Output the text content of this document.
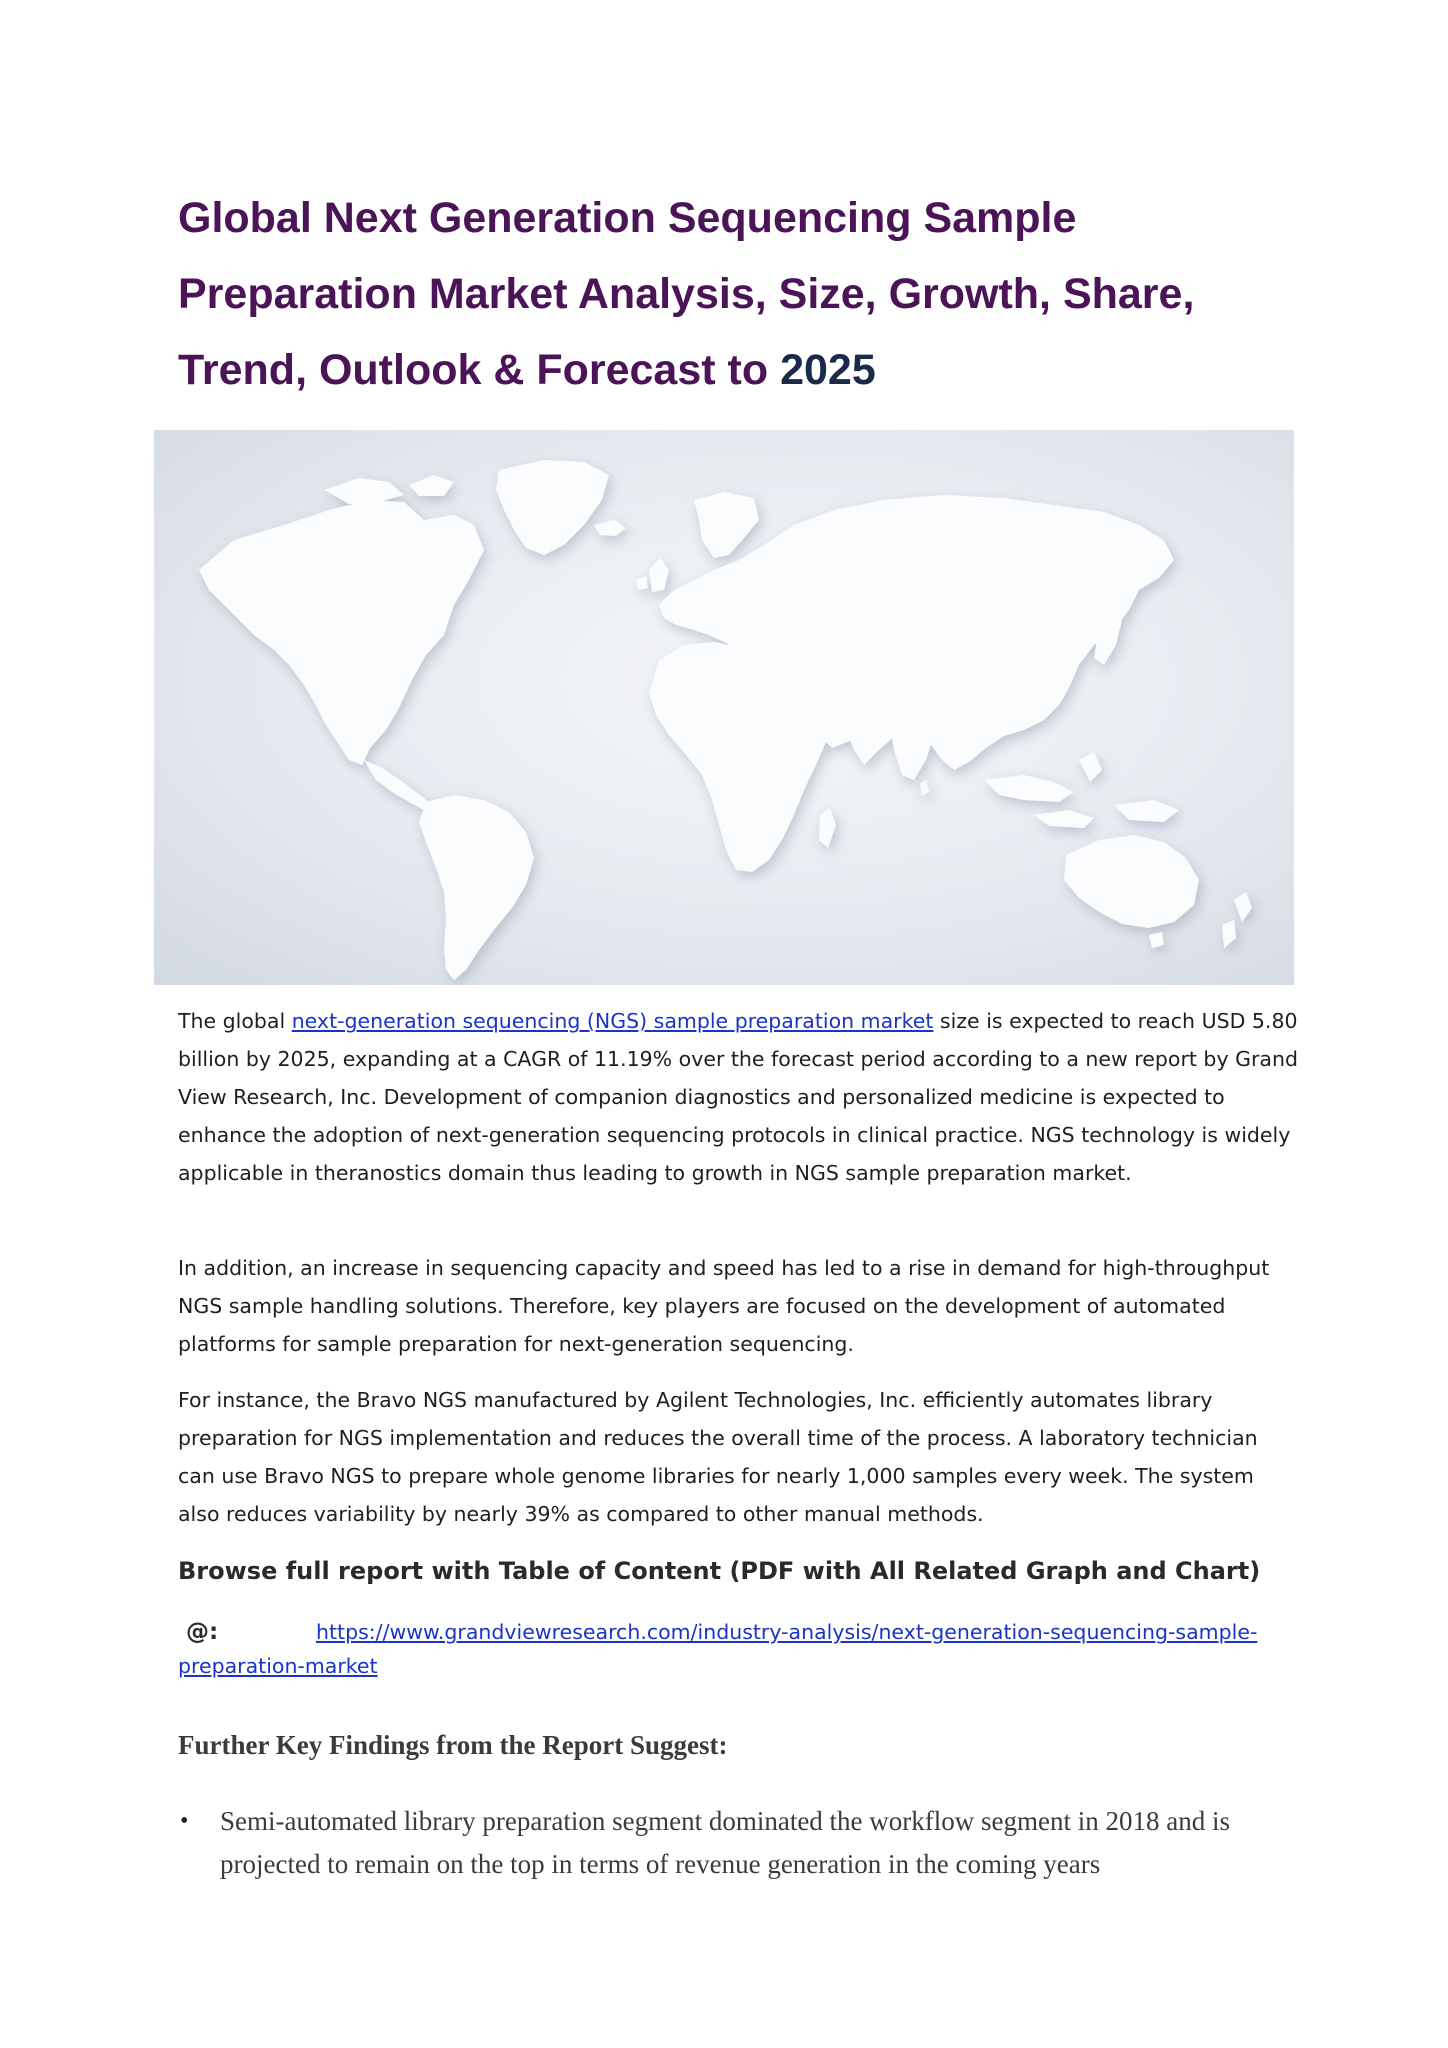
Global Next Generation Sequencing Sample Preparation Market Analysis, Size, Growth, Share, Trend, Outlook & Forecast to 2025

The global next-generation sequencing (NGS) sample preparation market size is expected to reach USD 5.80 billion by 2025, expanding at a CAGR of 11.19% over the forecast period according to a new report by Grand View Research, Inc. Development of companion diagnostics and personalized medicine is expected to enhance the adoption of next-generation sequencing protocols in clinical practice. NGS technology is widely applicable in theranostics domain thus leading to growth in NGS sample preparation market.

In addition, an increase in sequencing capacity and speed has led to a rise in demand for high-throughput NGS sample handling solutions. Therefore, key players are focused on the development of automated platforms for sample preparation for next-generation sequencing.

For instance, the Bravo NGS manufactured by Agilent Technologies, Inc. efficiently automates library preparation for NGS implementation and reduces the overall time of the process. A laboratory technician can use Bravo NGS to prepare whole genome libraries for nearly 1,000 samples every week. The system also reduces variability by nearly 39% as compared to other manual methods.

Browse full report with Table of Content (PDF with All Related Graph and Chart)
@:	https://www.grandviewresearch.com/industry-analysis/next-generation-sequencing-sample-preparation-market
Further Key Findings from the Report Suggest:
• Semi-automated library preparation segment dominated the workflow segment in 2018 and is projected to remain on the top in terms of revenue generation in the coming years
